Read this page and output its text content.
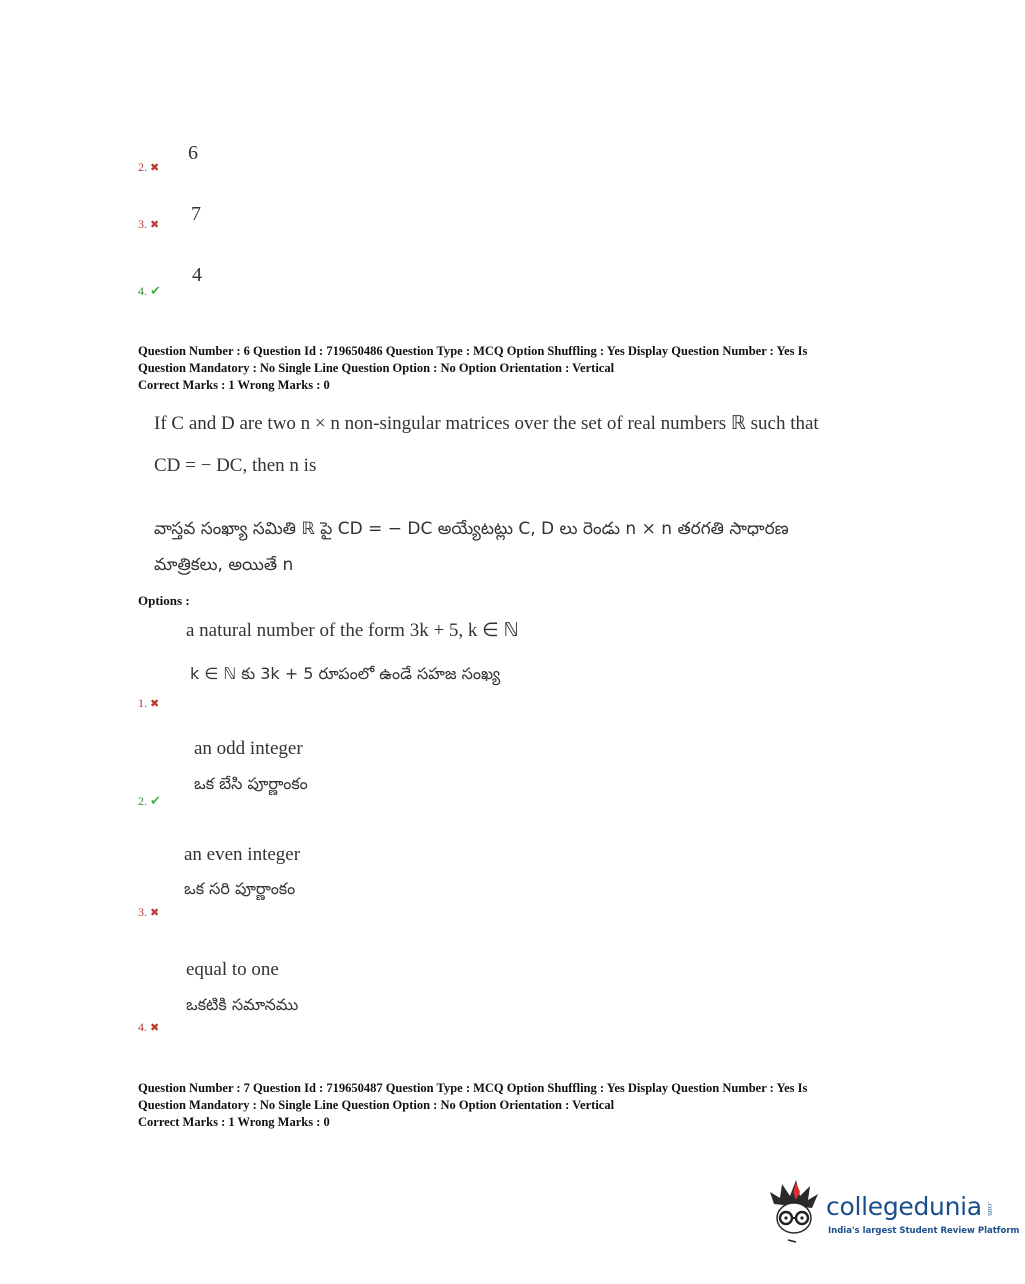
6
2. ✖
7
3. ✖
4
4. ✔
Question Number : 6 Question Id : 719650486 Question Type : MCQ Option Shuffling : Yes Display Question Number : Yes Is
Question Mandatory : No Single Line Question Option : No Option Orientation : Vertical
Correct Marks : 1 Wrong Marks : 0
If C and D are two n × n non-singular matrices over the set of real numbers ℝ such that
CD = − DC, then n is
వాస్తవ సంఖ్యా సమితి ℝ పై CD = − DC అయ్యేటట్లు C, D లు రెండు n × n తరగతి సాధారణ
మాత్రికలు, అయితే n
Options :
a natural number of the form 3k + 5, k ∈ ℕ
k ∈ ℕ కు 3k + 5 రూపంలో ఉండే సహజ సంఖ్య
1. ✖
an odd integer
ఒక బేసి పూర్ణాంకం
2. ✔
an even integer
ఒక సరి పూర్ణాంకం
3. ✖
equal to one
ఒకటికి సమానము
4. ✖
Question Number : 7 Question Id : 719650487 Question Type : MCQ Option Shuffling : Yes Display Question Number : Yes Is
Question Mandatory : No Single Line Question Option : No Option Orientation : Vertical
Correct Marks : 1 Wrong Marks : 0
collegedunia .com
India's largest Student Review Platform
